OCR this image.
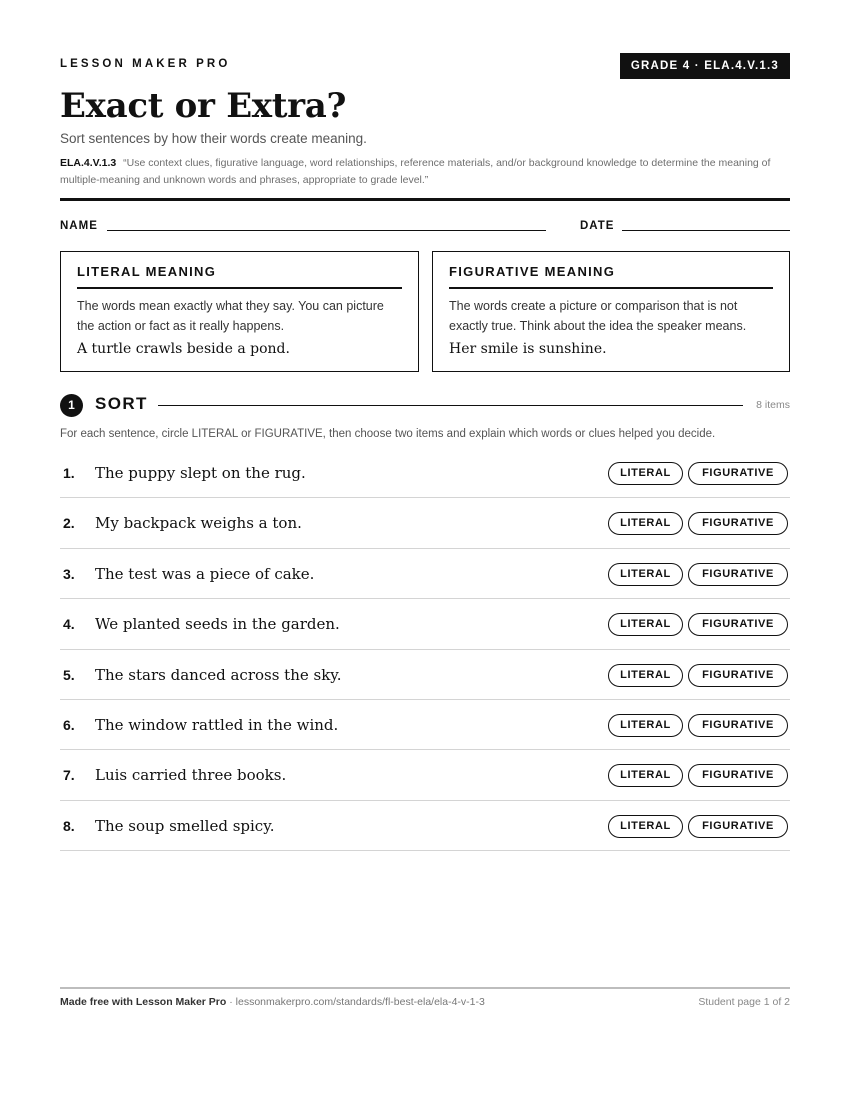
LESSON MAKER PRO	GRADE 4 · ELA.4.V.1.3
Exact or Extra?
Sort sentences by how their words create meaning.
ELA.4.V.1.3 “Use context clues, figurative language, word relationships, reference materials, and/or background knowledge to determine the meaning of multiple-meaning and unknown words and phrases, appropriate to grade level.”
NAME	DATE
LITERAL MEANING
The words mean exactly what they say. You can picture the action or fact as it really happens.
A turtle crawls beside a pond.
FIGURATIVE MEANING
The words create a picture or comparison that is not exactly true. Think about the idea the speaker means.
Her smile is sunshine.
1	SORT	8 items
For each sentence, circle LITERAL or FIGURATIVE, then choose two items and explain which words or clues helped you decide.
1. The puppy slept on the rug.	LITERAL	FIGURATIVE
2. My backpack weighs a ton.	LITERAL	FIGURATIVE
3. The test was a piece of cake.	LITERAL	FIGURATIVE
4. We planted seeds in the garden.	LITERAL	FIGURATIVE
5. The stars danced across the sky.	LITERAL	FIGURATIVE
6. The window rattled in the wind.	LITERAL	FIGURATIVE
7. Luis carried three books.	LITERAL	FIGURATIVE
8. The soup smelled spicy.	LITERAL	FIGURATIVE
Made free with Lesson Maker Pro · lessonmakerpro.com/standards/fl-best-ela/ela-4-v-1-3	Student page 1 of 2
